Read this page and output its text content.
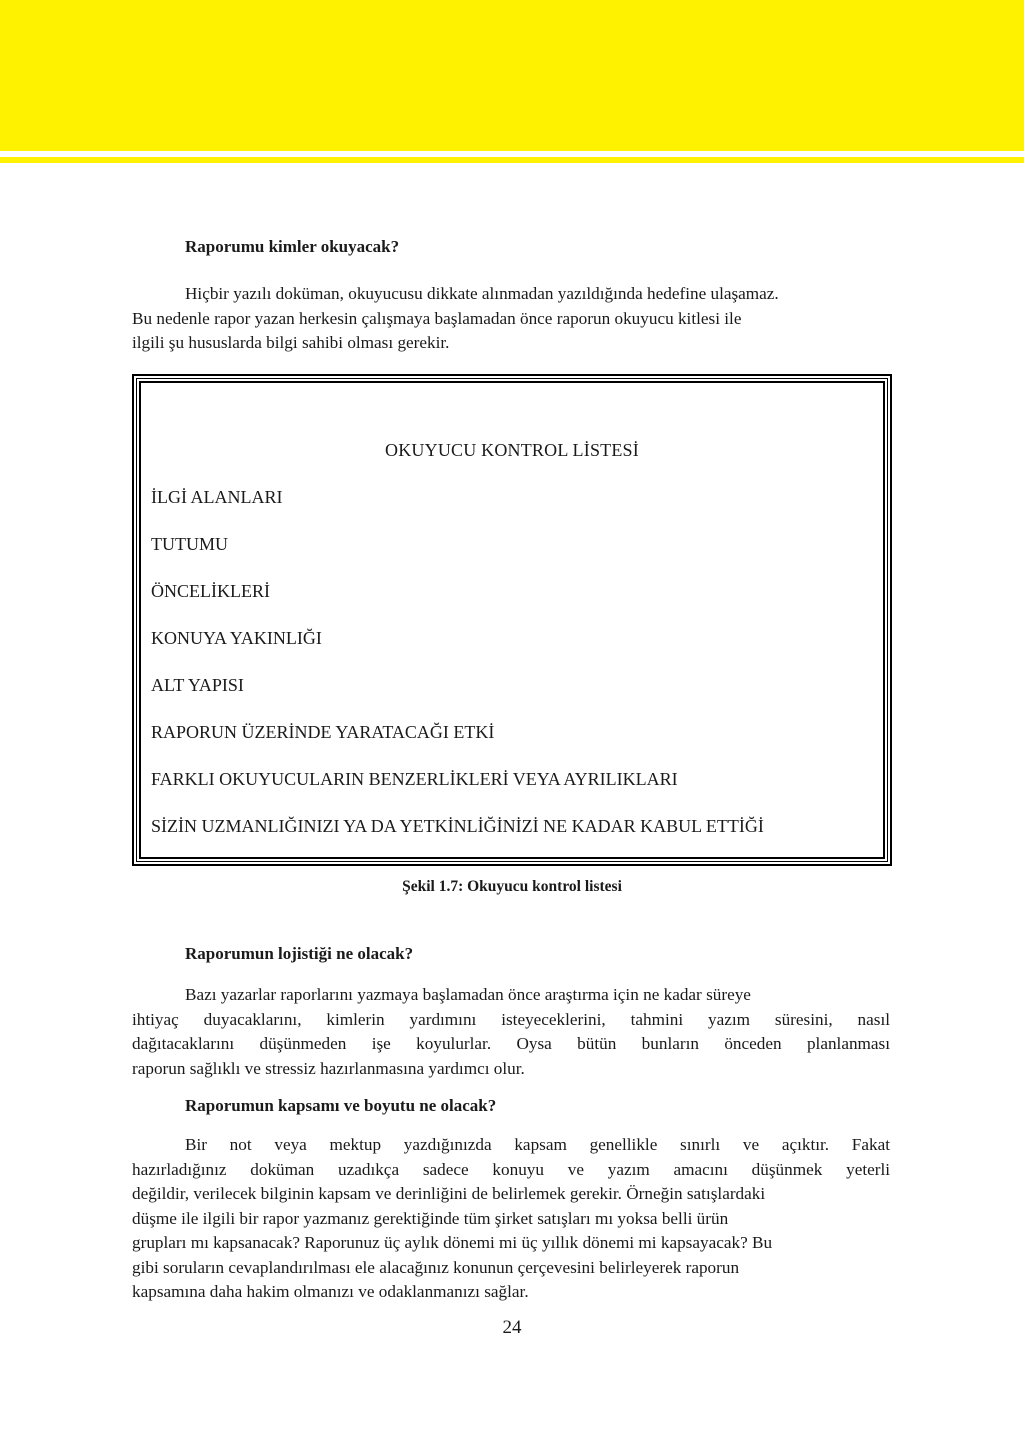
Raporumu kimler okuyacak?
Hiçbir yazılı doküman, okuyucusu dikkate alınmadan yazıldığında hedefine ulaşamaz.
Bu nedenle rapor yazan herkesin çalışmaya başlamadan önce raporun okuyucu kitlesi ile
ilgili şu hususlarda bilgi sahibi olması gerekir.
OKUYUCU KONTROL LİSTESİ
İLGİ ALANLARI
TUTUMU
ÖNCELİKLERİ
KONUYA YAKINLIĞI
ALT YAPISI
RAPORUN ÜZERİNDE YARATACAĞI ETKİ
FARKLI OKUYUCULARIN BENZERLİKLERİ VEYA AYRILIKLARI
SİZİN UZMANLIĞINIZI YA DA YETKİNLİĞİNİZİ NE KADAR KABUL ETTİĞİ
Şekil 1.7: Okuyucu kontrol listesi
Raporumun lojistiği ne olacak?
Bazı yazarlar raporlarını yazmaya başlamadan önce araştırma için ne kadar süreye
ihtiyaç duyacaklarını, kimlerin yardımını isteyeceklerini, tahmini yazım süresini, nasıl
dağıtacaklarını düşünmeden işe koyulurlar. Oysa bütün bunların önceden planlanması
raporun sağlıklı ve stressiz hazırlanmasına yardımcı olur.
Raporumun kapsamı ve boyutu ne olacak?
Bir not veya mektup yazdığınızda kapsam genellikle sınırlı ve açıktır. Fakat
hazırladığınız doküman uzadıkça sadece konuyu ve yazım amacını düşünmek yeterli
değildir, verilecek bilginin kapsam ve derinliğini de belirlemek gerekir. Örneğin satışlardaki
düşme ile ilgili bir rapor yazmanız gerektiğinde tüm şirket satışları mı yoksa belli ürün
grupları mı kapsanacak? Raporunuz üç aylık dönemi mi üç yıllık dönemi mi kapsayacak? Bu
gibi soruların cevaplandırılması ele alacağınız konunun çerçevesini belirleyerek raporun
kapsamına daha hakim olmanızı ve odaklanmanızı sağlar.
24
